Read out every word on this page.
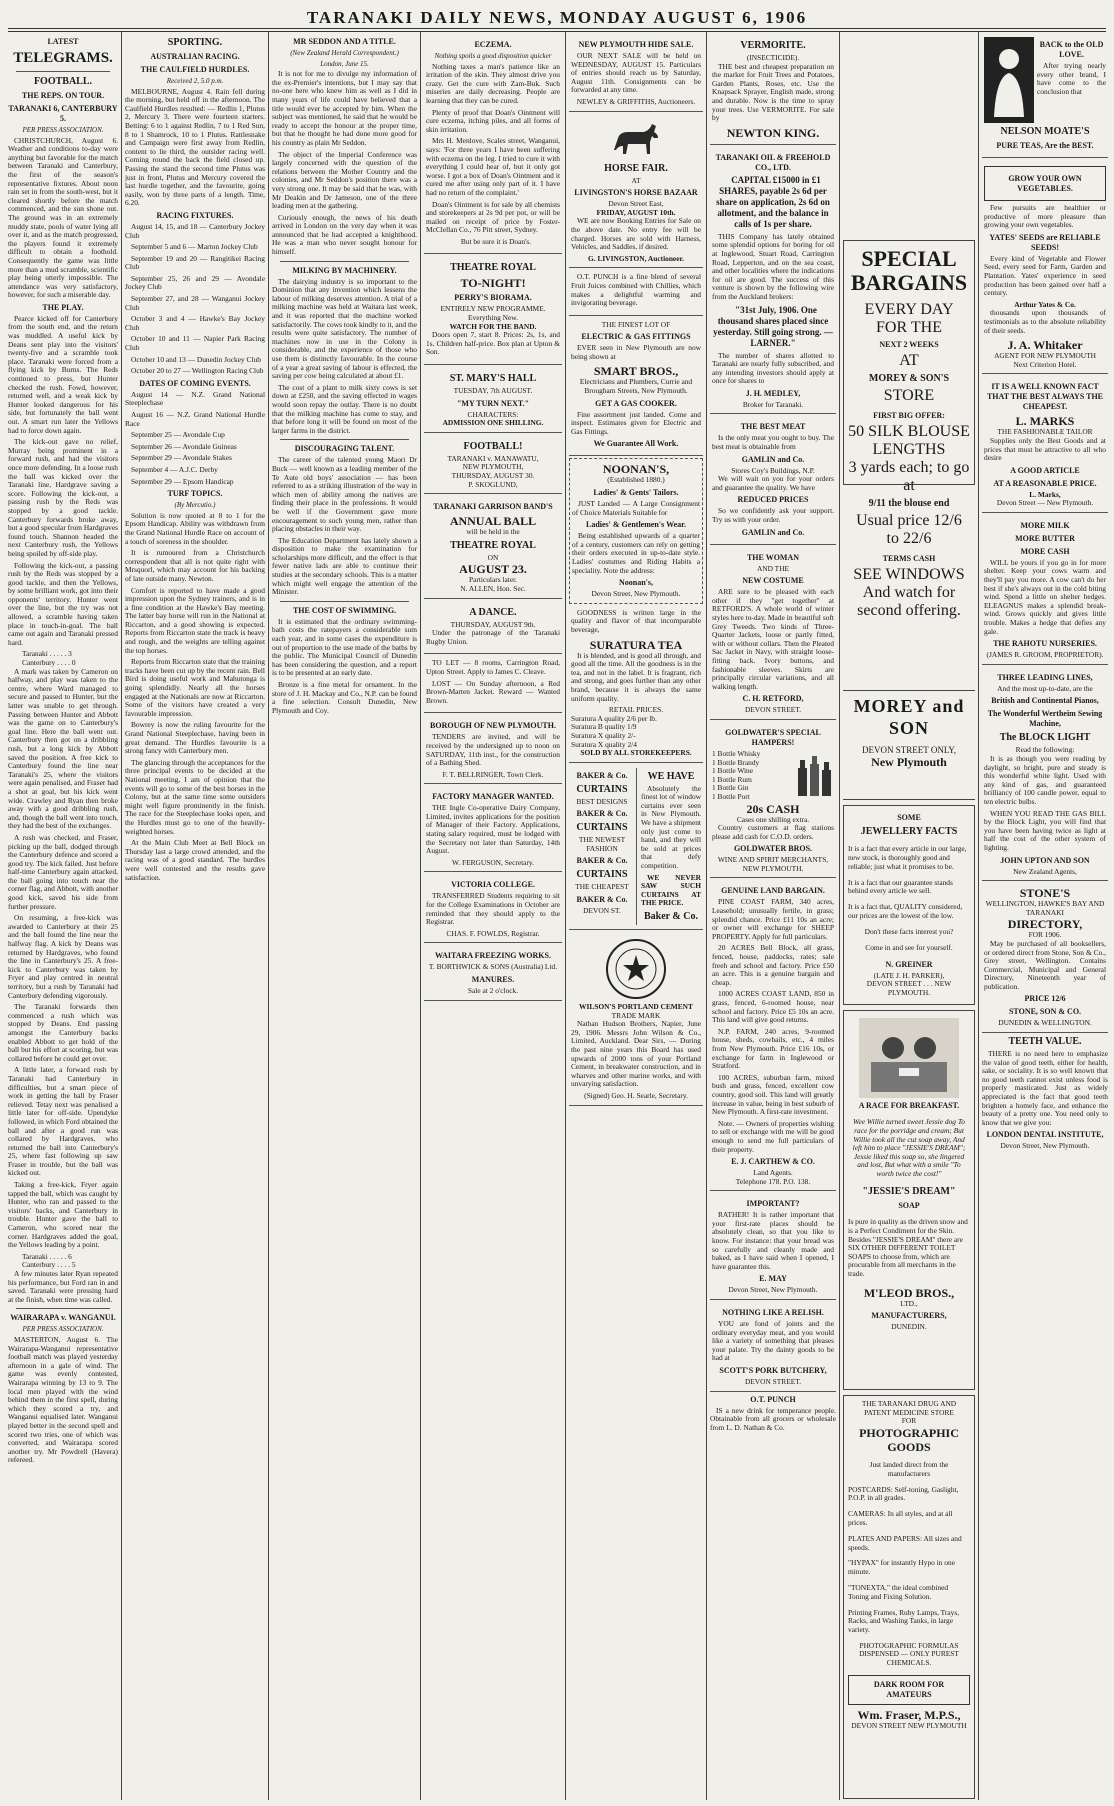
TARANAKI DAILY NEWS, MONDAY AUGUST 6, 1906
LATEST
TELEGRAMS.
FOOTBALL.
THE REPS. ON TOUR.
TARANAKI 6, CANTERBURY 5.
PER PRESS ASSOCIATION.

CHRISTCHURCH, August 6. Weather and conditions to-day were anything but favorable for the match between Taranaki and Canterbury, the first of the season's representative fixtures. About noon rain set in from the south-west, but it cleared shortly before the match commenced, and the sun shone out. The ground was in an extremely muddy state, pools of water lying all over it, and as the match progressed, the players found it extremely difficult to obtain a foothold. Consequently the game was little more than a mud scramble, scientific play being utterly impossible. The attendance was very satisfactory, however, for such a miserable day.

THE PLAY.

Pearce kicked off for Canterbury from the south end, and the return was muddled. A useful kick by Deans sent play into the visitors' twenty-five and a scramble took place. Taranaki were forced from a flying kick by Burns. The Reds continued to press, but Hunter checked the rush. Fowd, however, returned well, and a weak kick by Hunter looked dangerous for his side, but fortunately the ball went out. A smart run later the Yellows had to force down again.

The kick-out gave no relief, Murray being prominent in a forward rush, and had the visitors once more defending. In a loose rush the ball was kicked over the Taranaki line, Hardgrave saving a score. Following the kick-out, a passing rush by the Reds was stopped by a good tackle. Canterbury forwards broke away, but a good specular from Hardgraves found touch. Shannon headed the next Canterbury rush, the Yellows being spoiled by off-side play.

Following the kick-out, a passing rush by the Reds was stopped by a good tackle, and then the Yellows, by some brilliant work, got into their opponents' territory. Hunter went over the line, but the try was not allowed, a scramble having taken place in touch-in-goal. The ball came out again and Taranaki pressed hard.

Taranaki . . . . . 3
Canterbury . . . . 0

A mark was taken by Cameron on halfway, and play was taken to the centre, where Ward managed to secure and passed to Hunter, but the latter was unable to get through. Passing between Hunter and Abbott was the game on to Canterbury's goal line. Here the ball went out. Canterbury then got on a dribbling rush, but a long kick by Abbott saved the position. A free kick to Canterbury found the line near Taranaki's 25, where the visitors were again penalised, and Fraser had a shot at goal, but his kick went wide. Crawley and Ryan then broke away with a good dribbling rush, and, though the ball went into touch, they had the best of the exchanges.

A rush was checked, and Fraser, picking up the ball, dodged through the Canterbury defence and scored a good try. The kick failed. Just before half-time Canterbury again attacked, the ball going into touch near the corner flag, and Abbott, with another good kick, saved his side from further pressure.

On resuming, a free-kick was awarded to Canterbury at their 25 and the ball found the line near the halfway flag. A kick by Deans was returned by Hardgraves, who found the line in Canterbury's 25. A free-kick to Canterbury was taken by Fryer and play centred in neutral territory, but a rush by Taranaki had Canterbury defending vigorously.

The Taranaki forwards then commenced a rush which was stopped by Deans. End passing amongst the Canterbury backs enabled Abbott to get hold of the ball but his effort at scoring, but was collared before he could get over.

A little later, a forward rush by Taranaki had Canterbury in difficulties, but a smart piece of work in getting the ball by Fraser relieved. Tetay next was penalised a little later for off-side. Upendyke followed, in which Ford obtained the ball and after a good run was collared by Hardgraves, who returned the ball into Canterbury's 25, where fast following up saw Fraser in trouble, but the ball was kicked out.

Taking a free-kick, Fryer again tapped the ball, which was caught by Hunter, who ran and passed to the visitors' backs, and Canterbury in trouble. Hunter gave the ball to Cameron, who scored near the corner. Hardgraves added the goal, the Yellows leading by a point.

Taranaki . . . . . 6
Canterbury . . . . 5

A few minutes later Ryan repeated his performance, but Ford ran in and saved. Taranaki were pressing hard at the finish, when time was called.

WAIRARAPA v. WANGANUI.
PER PRESS ASSOCIATION.

MASTERTON, August 6. The Wairarapa-Wanganui representative football match was played yesterday afternoon in a gale of wind. The game was evenly contested, Wairarapa winning by 13 to 9. The local men played with the wind behind them in the first spell, during which they scored a try, and Wanganui equalised later. Wanganui played better in the second spell and scored two tries, one of which was converted, and Wairarapa scored another try. Mr Powdrell (Havera) refereed.

SPORTING.
AUSTRALIAN RACING.
THE CAULFIELD HURDLES.
Received 2, 5.0 p.m.

MELBOURNE, August 4. Rain fell during the morning, but held off in the afternoon. The Caulfield Hurdles resulted: — Redlin 1, Plutus 2, Mercury 3. There were fourteen starters. Betting: 6 to 1 against Redlin, 7 to 1 Red Sun, 8 to 1 Shamrock, 10 to 1 Plutus. Rattlesnake and Campaign were first away from Redlin, content to lie third, the outsider racing well. Coming round the back the field closed up. Passing the stand the second time Plutus was just in front, Plutus and Mercury covered the last hurdle together, and the favourite, going easily, won by three parts of a length. Time, 6.20.

RACING FIXTURES.

August 14, 15, and 18 — Canterbury Jockey Club

September 5 and 6 — Marton Jockey Club

September 19 and 20 — Rangitikei Racing Club

September 25, 26 and 29 — Avondale Jockey Club

September 27, and 28 — Wanganui Jockey Club

October 3 and 4 — Hawke's Bay Jockey Club

October 10 and 11 — Napier Park Racing Club

October 10 and 13 — Dunedin Jockey Club

October 20 to 27 — Wellington Racing Club

DATES OF COMING EVENTS.

August 14 — N.Z. Grand National Steeplechase

August 16 — N.Z. Grand National Hurdle Race

September 25 — Avondale Cup

September 26 — Avondale Guineas

September 29 — Avondale Stakes

September 4 — A.J.C. Derby

September 29 — Epsom Handicap

TURF TOPICS.
(By Mercutio.)

Solution is now quoted at 8 to 1 for the Epsom Handicap. Ability was withdrawn from the Grand National Hurdle Race on account of a touch of soreness in the shoulder.

It is rumoured from a Christchurch correspondent that all is not quite right with Mrsquorl, which may account for his backing of late outside many. Newton.

Comfort is reported to have made a good impression upon the Sydney trainers, and is in a fine condition at the Hawke's Bay meeting. The latter bay horse will run in the National at Riccarton, and a good showing is expected. Reports from Riccarton state the track is heavy and rough, and the weights are telling against the top horses.

Reports from Riccarton state that the training tracks have been cut up by the recent rain. Bell Bird is doing useful work and Mahutonga is going splendidly. Nearly all the horses engaged at the Nationals are now at Riccarton. Some of the visitors have created a very favourable impression.

Bowrey is now the ruling favourite for the Grand National Steeplechase, having been in great demand. The Hurdles favourite is a strong fancy with Canterbury men.

The glancing through the acceptances for the three principal events to be decided at the National meeting, I am of opinion that the events will go to some of the best horses in the Colony, but at the same time some outsiders might well figure prominently in the finish. The race for the Steeplechase looks open, and the Hurdles must go to one of the heavily-weighted horses.

At the Main Club Meet at Bell Block on Thursday last a large crowd attended, and the racing was of a good standard. The hurdles were well contested and the results gave satisfaction.

MR SEDDON AND A TITLE.
(New Zealand Herald Correspondent.)
London, June 15.

It is not for me to divulge my information of the ex-Premier's intentions, but I may say that no-one here who knew him as well as I did in many years of life could have believed that a title would ever be accepted by him. When the subject was mentioned, he said that he would be ready to accept the honour at the proper time, but that he thought he had done more good for his country as plain Mr Seddon.

The object of the Imperial Conference was largely concerned with the question of the relations between the Mother Country and the colonies, and Mr Seddon's position there was a very strong one. It may be said that he was, with Mr Deakin and Dr Jameson, one of the three leading men at the gathering.

Curiously enough, the news of his death arrived in London on the very day when it was announced that he had accepted a knighthood. He was a man who never sought honour for himself.

MILKING BY MACHINERY.

The dairying industry is so important to the Dominion that any invention which lessens the labour of milking deserves attention. A trial of a milking machine was held at Waitara last week, and it was reported that the machine worked satisfactorily. The cows took kindly to it, and the results were quite satisfactory. The number of machines now in use in the Colony is considerable, and the experience of those who use them is distinctly favourable. In the course of a year a great saving of labour is effected, the saving per cow being calculated at about £1.

The cost of a plant to milk sixty cows is set down at £250, and the saving effected in wages would soon repay the outlay. There is no doubt that the milking machine has come to stay, and that before long it will be found on most of the larger farms in the district.

DISCOURAGING TALENT.

The career of the talented young Maori Dr Buck — well known as a leading member of the Te Aute old boys' association — has been referred to as a striking illustration of the way in which men of ability among the natives are finding their place in the professions. It would be well if the Government gave more encouragement to such young men, rather than placing obstacles in their way.

The Education Department has lately shown a disposition to make the examination for scholarships more difficult, and the effect is that fewer native lads are able to continue their studies at the secondary schools. This is a matter which might well engage the attention of the Minister.

THE COST OF SWIMMING.

It is estimated that the ordinary swimming-bath costs the ratepayers a considerable sum each year, and in some cases the expenditure is out of proportion to the use made of the baths by the public. The Municipal Council of Dunedin has been considering the question, and a report is to be presented at an early date.

Bronze is a fine metal for ornament. In the store of J. H. Mackay and Co., N.P. can be found a fine selection. Consult Dunedin, New Plymouth and Coy.

ECZEMA.
Nothing spoils a good disposition quicker

Nothing taxes a man's patience like an irritation of the skin. They almost drive you crazy. Get the cure with Zam-Buk. Such miseries are daily decreasing. People are learning that they can be cured.

Plenty of proof that Doan's Ointment will cure eczema, itching piles, and all forms of skin irritation.

Mrs H. Menlove, Scales street, Wanganui, says: 'For three years I have been suffering with eczema on the leg. I tried to cure it with everything I could hear of, but it only got worse. I got a box of Doan's Ointment and it cured me after using only part of it. I have had no return of the complaint.'

Doan's Ointment is for sale by all chemists and storekeepers at 2s 9d per pot, or will be mailed on receipt of price by Foster-McClellan Co., 76 Pitt street, Sydney.

But be sure it is Doan's.

THEATRE ROYAL
TO-NIGHT!
PERRY'S BIORAMA.
ENTIRELY NEW PROGRAMME.
Everything New.
WATCH FOR THE BAND.

Doors open 7, start 8. Prices: 2s, 1s, and 1s. Children half-price. Box plan at Upton & Son.

ST. MARY'S HALL
TUESDAY, 7th AUGUST.
"MY TURN NEXT."
CHARACTERS:
ADMISSION ONE SHILLING.
FOOTBALL!
TARANAKI v. MANAWATU,
NEW PLYMOUTH,
THURSDAY, AUGUST 30.
P. SKOGLUND,
TARANAKI GARRISON BAND'S
ANNUAL BALL
will be held in the
THEATRE ROYAL
ON
AUGUST 23.
Particulars later.
N. ALLEN, Hon. Sec.
A DANCE.
THURSDAY, AUGUST 9th.

Under the patronage of the Taranaki Rugby Union.

TO LET — 8 rooms, Carrington Road, Upton Street. Apply to James C. Cleave.

LOST — On Sunday afternoon, a Red Brown-Marten Jacket. Reward — Wanted Brown.

BOROUGH OF NEW PLYMOUTH.

TENDERS are invited, and will be received by the undersigned up to noon on SATURDAY, 11th inst., for the construction of a Bathing Shed.

F. T. BELLRINGER, Town Clerk.
FACTORY MANAGER WANTED.

THE Ingle Co-operative Dairy Company, Limited, invites applications for the position of Manager of their Factory. Applications, stating salary required, must be lodged with the Secretary not later than Saturday, 14th August.

W. FERGUSON, Secretary.
VICTORIA COLLEGE.

TRANSFERRED Students requiring to sit for the College Examinations in October are reminded that they should apply to the Registrar.

CHAS. F. FOWLDS, Registrar.
WAITARA FREEZING WORKS.
T. BORTHWICK & SONS (Australia) Ltd.
MANURES.
Sale at 2 o'clock.
NEW PLYMOUTH HIDE SALE.

OUR NEXT SALE will be held on WEDNESDAY, AUGUST 15. Particulars of entries should reach us by Saturday, August 11th. Consignments can be forwarded at any time.

NEWLEY & GRIFFITHS, Auctioneers.
HORSE FAIR.
AT
LIVINGSTON'S HORSE BAZAAR
Devon Street East,
FRIDAY, AUGUST 10th.

WE are now Booking Entries for Sale on the above date. No entry fee will be charged. Horses are sold with Harness, Vehicles, and Saddles, if desired.

G. LIVINGSTON, Auctioneer.

O.T. PUNCH is a fine blend of several Fruit Juices combined with Chillies, which makes a delightful warming and invigorating beverage.

THE FINEST LOT OF
ELECTRIC & GAS FITTINGS

EVER seen in New Plymouth are now being shown at

SMART BROS.,
Electricians and Plumbers, Currie and Brougham Streets, New Plymouth.
GET A GAS COOKER.

Fine assortment just landed. Come and inspect. Estimates given for Electric and Gas Fittings.

We Guarantee All Work.
NOONAN'S,
(Established 1880.)
Ladies' & Gents' Tailors.

JUST Landed — A Large Consignment of Choice Materials Suitable for

Ladies' & Gentlemen's Wear.

Being established upwards of a quarter of a century, customers can rely on getting their orders executed in up-to-date style. Ladies' costumes and Riding Habits a speciality. Note the address:

Noonan's,
Devon Street, New Plymouth.

GOODNESS is written large in the quality and flavor of that incomparable beverage,

SURATURA TEA

It is blended, and is good all through, and good all the time. All the goodness is in the tea, and not in the label. It is fragrant, rich and strong, and goes further than any other brand, because it is always the same uniform quality.

RETAIL PRICES.
Suratura A quality 2/6 per lb.
Suratura B quality 1/9
Suratura X quality 2/-
Suratura X quality 2/4
SOLD BY ALL STOREKEEPERS.
BAKER & Co.
CURTAINS
BEST DESIGNS
BAKER & Co.
CURTAINS
THE NEWEST FASHION
BAKER & Co.
CURTAINS
THE CHEAPEST
BAKER & Co.
DEVON ST.
WE HAVE

Absolutely the finest lot of window curtains ever seen in New Plymouth. We have a shipment only just come to hand, and they will be sold at prices that defy competition.

WE NEVER SAW SUCH CURTAINS AT THE PRICE.

Baker & Co.
WILSON'S PORTLAND CEMENT
TRADE MARK

Nathan Hudson Brothers, Napier, June 29, 1906. Messrs John Wilson & Co., Limited, Auckland. Dear Sirs, — During the past nine years this Board has used upwards of 2000 tons of your Portland Cement, in breakwater construction, and in wharves and other marine works, and with unvarying satisfaction.

(Signed) Geo. H. Searle, Secretary.
VERMORITE.
(INSECTICIDE).

THE best and cheapest preparation on the market for Fruit Trees and Potatoes, Garden Plants, Roses, etc. Use the Knapsack Sprayer, English made, strong and durable. Now is the time to spray your trees. Use VERMORITE. For sale by

NEWTON KING.
TARANAKI OIL & FREEHOLD CO., LTD.

CAPITAL £15000 in £1 SHARES, payable 2s 6d per share on application, 2s 6d on allotment, and the balance in calls of 1s per share.

THIS Company has lately obtained some splendid options for boring for oil at Inglewood, Stuart Road, Carrington Road, Lepperton, and on the sea coast, and other localities where the indications for oil are good. The success of this venture is shown by the following wire from the Auckland brokers:

"31st July, 1906. One thousand shares placed since yesterday. Still going strong. — LARNER."

The number of shares allotted to Taranaki are nearly fully subscribed, and any intending investors should apply at once for shares to

J. H. MEDLEY,
Broker for Taranaki.
THE BEST MEAT

Is the only meat you ought to buy. The best meat is obtainable from

GAMLIN and Co.
Stores Coy's Buildings, N.P.

We will wait on you for your orders and guarantee the quality. We have

REDUCED PRICES

So we confidently ask your support. Try us with your order.

GAMLIN and Co.
THE WOMAN
AND THE
NEW COSTUME

ARE sure to be pleased with each other if they "get together" at RETFORD'S. A whole world of winter styles here to-day. Made in beautiful soft Grey Tweeds. Two kinds of Three-Quarter Jackets, loose or partly fitted, with or without collars. Then the Pleated Sac Jacket in Navy, with straight loose-fitting back. Ivory buttons, and fashionable sleeves. Skirts are principally circular variations, and all walking length.

C. H. RETFORD,
DEVON STREET.
GOLDWATER'S SPECIAL HAMPERS!
1 Bottle Whisky
1 Bottle Brandy
1 Bottle Wine
1 Bottle Rum
1 Bottle Gin
1 Bottle Port
20s CASH
Cases one shilling extra.

Country customers at flag stations please add cash for C.O.D. orders.

GOLDWATER BROS.
WINE AND SPIRIT MERCHANTS, NEW PLYMOUTH.
GENUINE LAND BARGAIN.

PINE COAST FARM, 340 acres, Leasehold; unusually fertile, in grass; splendid chance. Price £11 10s an acre; or owner will exchange for SHEEP PROPERTY. Apply for full particulars.

20 ACRES Bell Block, all grass, fenced, house, paddocks, rates; sale freeh and school and factory. Price £50 an acre. This is a genuine bargain and cheap.

1000 ACRES COAST LAND, 850 in grass, fenced, 6-roomed house, near school and factory. Price £5 10s an acre. This land will give good returns.

N.P. FARM, 240 acres, 9-roomed house, sheds, cowbails, etc., 4 miles from New Plymouth. Price £16 10s, or exchange for farm in Inglewood or Stratford.

100 ACRES, suburban farm, mixed bush and grass, fenced, excellent cow country, good soil. This land will greatly increase in value, being in best suburb of New Plymouth. A first-rate investment.

Note. — Owners of properties wishing to sell or exchange with me will be good enough to send me full particulars of their property.

E. J. CARTHEW & CO.
Land Agents.
Telephone 178. P.O. 138.
IMPORTANT?

RATHER! It is rather important that your first-rate places should be absolutely clean, so that you like to know. For instance: that your bread was so carefully and cleanly made and baked, as I have said when I opened, I have guarantee this.

E. MAY
Devon Street, New Plymouth.
NOTHING LIKE A RELISH.

YOU are fond of joints and the ordinary everyday meat, and you would like a variety of something that pleases your palate. Try the dainty goods to be had at

SCOTT'S PORK BUTCHERY,
DEVON STREET.
O.T. PUNCH

IS a new drink for temperance people. Obtainable from all grocers or wholesale from L. D. Nathan & Co.

SPECIAL
BARGAINS
EVERY DAY FOR THE
NEXT 2 WEEKS
AT
MOREY & SON'S
STORE
FIRST BIG OFFER:
50 SILK BLOUSE LENGTHS
3 yards each; to go at
9/11 the blouse end
Usual price 12/6 to 22/6
TERMS CASH
SEE WINDOWS
And watch for second offering.
BACK to the OLD LOVE.

After trying nearly every other brand, I have come to the conclusion that

NELSON MOATE'S
PURE TEAS, Are the BEST.
GROW YOUR OWN VEGETABLES.

Few pursuits are healthier or productive of more pleasure than growing your own vegetables.

YATES' SEEDS are RELIABLE SEEDS!

Every kind of Vegetable and Flower Seed, every seed for Farm, Garden and Plantation. Yates' experience in seed production has been gained over half a century.

Arthur Yates & Co.

thousands upon thousands of testimonials as to the absolute reliability of their seeds.

J. A. Whitaker
AGENT FOR NEW PLYMOUTH
Next Criterion Hotel.
IT IS A WELL KNOWN FACT THAT THE BEST ALWAYS THE CHEAPEST.
L. MARKS
THE FASHIONABLE TAILOR

Supplies only the Best Goods and at prices that must be attractive to all who desire

A GOOD ARTICLE
AT A REASONABLE PRICE.
L. Marks,
Devon Street — New Plymouth.
MORE MILK
MORE BUTTER
MORE CASH

WILL be yours if you go in for more shelter. Keep your cows warm and they'll pay you more. A cow can't do her best if she's always out in the cold biting wind. Spend a little on shelter hedges. ELEAGNUS makes a splendid break-wind. Grows quickly and gives little trouble. Makes a hedge that defies any gale.

THE RAHOTU NURSERIES.
(JAMES R. GROOM, PROPRIETOR).
THREE LEADING LINES,
And the most up-to-date, are the
British and Continental Pianos,
The Wonderful Wertheim Sewing Machine,
The BLOCK LIGHT
Read the following:

It is as though you were reading by daylight, so bright, pure and steady is this wonderful white light. Used with any kind of gas, and guaranteed brilliancy of 100 candle power, equal to ten electric bulbs.

WHEN YOU READ THE GAS BILL by the Block Light, you will find that you have been having twice as light at half the cost of the other system of lighting.

JOHN UPTON AND SON
New Zealand Agents,
STONE'S
WELLINGTON, HAWKE'S BAY AND TARANAKI
DIRECTORY,
FOR 1906.

May be purchased of all booksellers, or ordered direct from Stone, Son & Co., Grey street, Wellington. Contains Commercial, Municipal and General Directory, Nineteenth year of publication.

PRICE 12/6
STONE, SON & CO.
DUNEDIN & WELLINGTON.
TEETH VALUE.

THERE is no need here to emphasize the value of good teeth, either for health, sake, or sociality. It is so well known that no good teeth cannot exist unless food is properly masticated. Just as widely appreciated is the fact that good teeth brighten a homely face, and enhance the beauty of a pretty one. You need only to know that we give you:

LONDON DENTAL INSTITUTE,
Devon Street, New Plymouth.
MOREY and SON
DEVON STREET ONLY,
New Plymouth
SOME
JEWELLERY FACTS

It is a fact that every article in our large, new stock, is thoroughly good and reliable; just what it promises to be.

It is a fact that our guarantee stands behind every article we sell.

It is a fact that, QUALITY considered, our prices are the lowest of the low.

Don't these facts interest you?

Come in and see for yourself.

N. GREINER
(LATE J. H. PARKER),
DEVON STREET . . . NEW PLYMOUTH.
A RACE FOR BREAKFAST.

Wee Willie turned sweet Jessie dog To race for the porridge and cream; But Willie took all the cut soap away, And left him to place "JESSIE'S DREAM"; Jessie liked this soap so, she lingered and lost, But what with a smile "To worth twice the cost!"

"JESSIE'S DREAM"
SOAP

Is pure in quality as the driven snow and is a Perfect Condiment for the Skin. Besides "JESSIE'S DREAM" there are SIX OTHER DIFFERENT TOILET SOAPS to choose from, which are procurable from all merchants in the trade.

M'LEOD BROS.,
LTD.,
MANUFACTURERS,
DUNEDIN.
THE TARANAKI DRUG AND PATENT MEDICINE STORE
FOR
PHOTOGRAPHIC
GOODS

Just landed direct from the manufacturers

POSTCARDS: Self-toning, Gaslight, P.O.P. in all grades.

CAMERAS: In all styles, and at all prices.

PLATES AND PAPERS: All sizes and speeds.

"HYPAX" for instantly Hypo in one minute.

"TONEXTA," the ideal combined Toning and Fixing Solution.

Printing Frames, Ruby Lamps, Trays, Racks, and Washing Tanks, in large variety.

PHOTOGRAPHIC FORMULAS DISPENSED — ONLY PUREST CHEMICALS.

DARK ROOM FOR AMATEURS
Wm. Fraser, M.P.S.,
DEVON STREET NEW PLYMOUTH
